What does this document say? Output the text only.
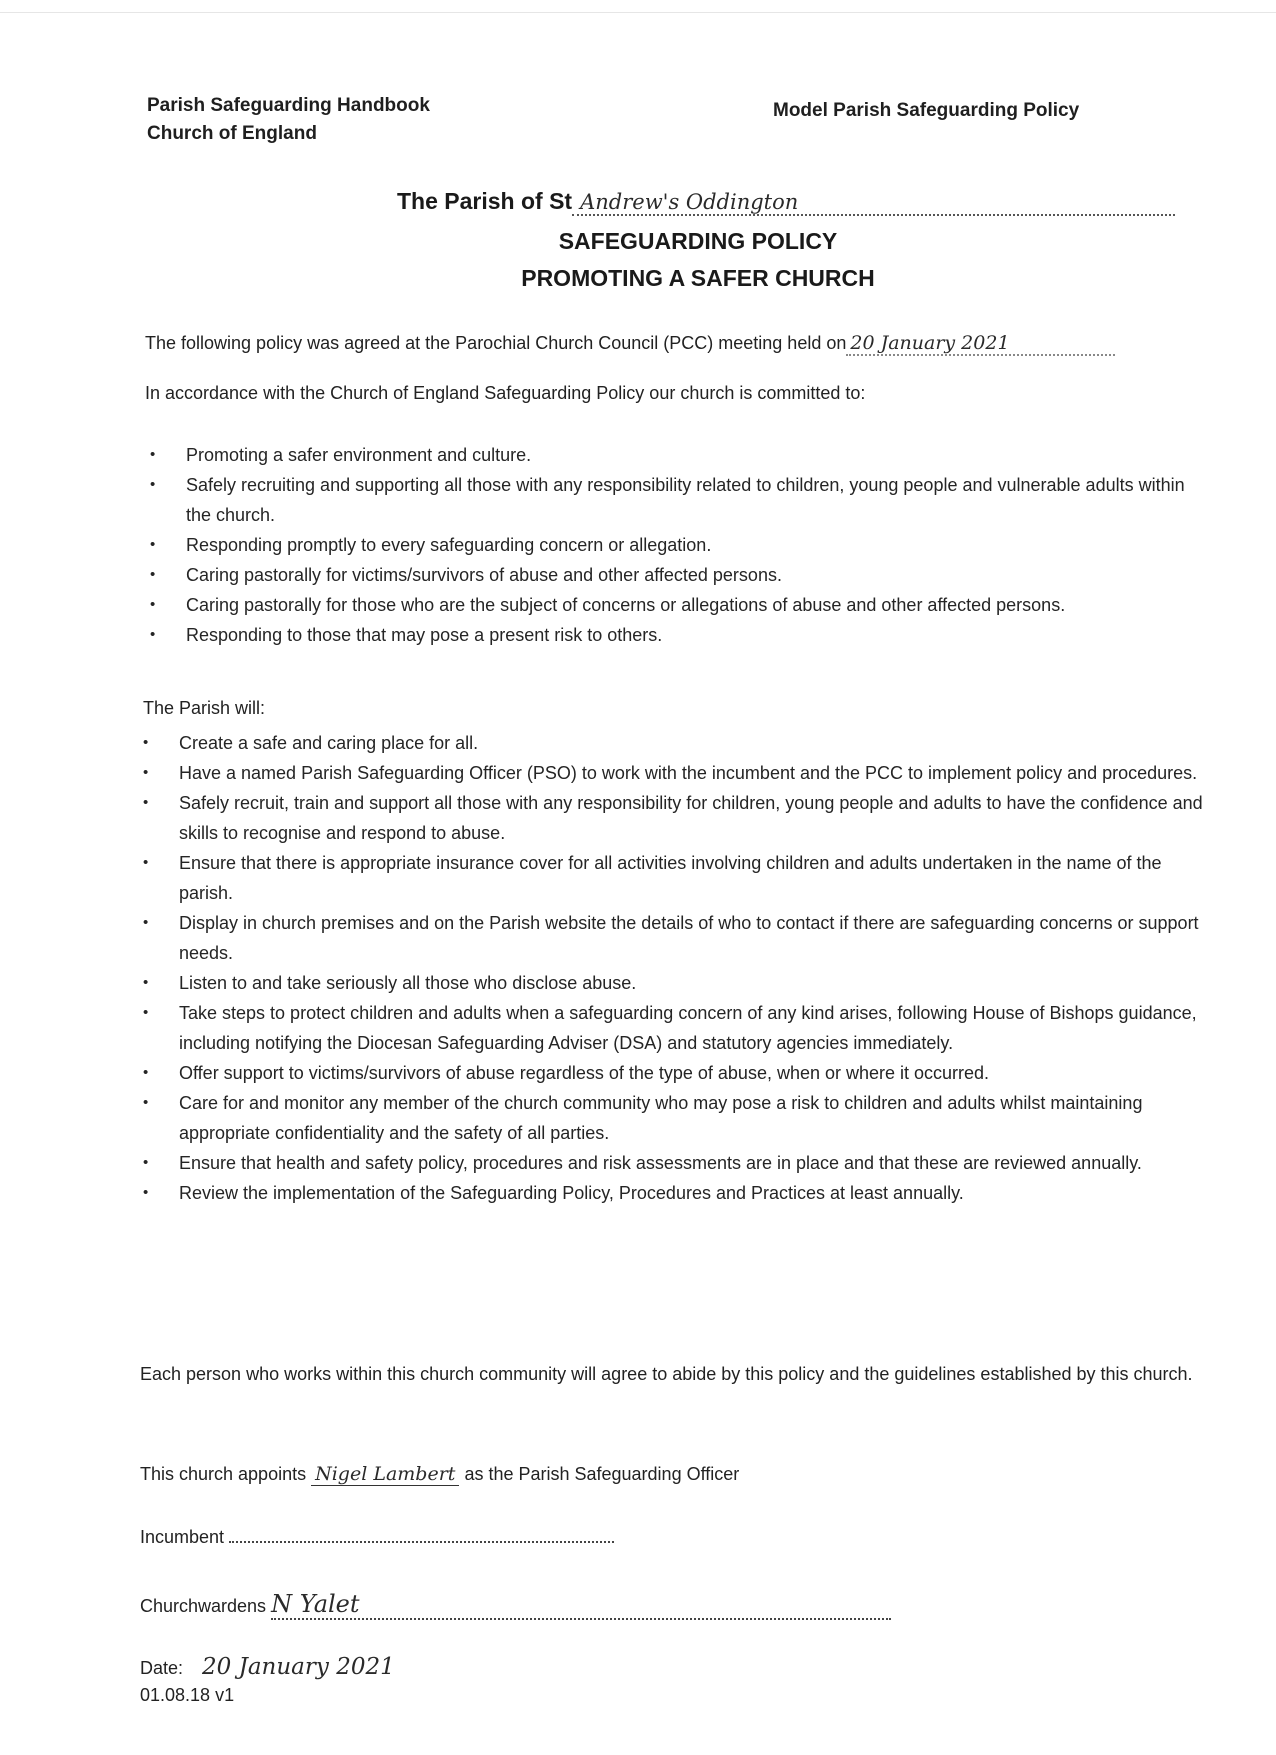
Parish Safeguarding Handbook
Church of England
Model Parish Safeguarding Policy
The Parish of St Andrew's Oddington
SAFEGUARDING POLICY
PROMOTING A SAFER CHURCH
The following policy was agreed at the Parochial Church Council (PCC) meeting held on 20 January 2021
In accordance with the Church of England Safeguarding Policy our church is committed to:
• Promoting a safer environment and culture.
• Safely recruiting and supporting all those with any responsibility related to children, young people and vulnerable adults within the church.
• Responding promptly to every safeguarding concern or allegation.
• Caring pastorally for victims/survivors of abuse and other affected persons.
• Caring pastorally for those who are the subject of concerns or allegations of abuse and other affected persons.
• Responding to those that may pose a present risk to others.
The Parish will:
• Create a safe and caring place for all.
• Have a named Parish Safeguarding Officer (PSO) to work with the incumbent and the PCC to implement policy and procedures.
• Safely recruit, train and support all those with any responsibility for children, young people and adults to have the confidence and skills to recognise and respond to abuse.
• Ensure that there is appropriate insurance cover for all activities involving children and adults undertaken in the name of the parish.
• Display in church premises and on the Parish website the details of who to contact if there are safeguarding concerns or support needs.
• Listen to and take seriously all those who disclose abuse.
• Take steps to protect children and adults when a safeguarding concern of any kind arises, following House of Bishops guidance, including notifying the Diocesan Safeguarding Adviser (DSA) and statutory agencies immediately.
• Offer support to victims/survivors of abuse regardless of the type of abuse, when or where it occurred.
• Care for and monitor any member of the church community who may pose a risk to children and adults whilst maintaining appropriate confidentiality and the safety of all parties.
• Ensure that health and safety policy, procedures and risk assessments are in place and that these are reviewed annually.
• Review the implementation of the Safeguarding Policy, Procedures and Practices at least annually.
Each person who works within this church community will agree to abide by this policy and the guidelines established by this church.
This church appoints Nigel Lambert as the Parish Safeguarding Officer
Incumbent
Churchwardens N Yalet
Date: 20 January 2021
01.08.18 v1
